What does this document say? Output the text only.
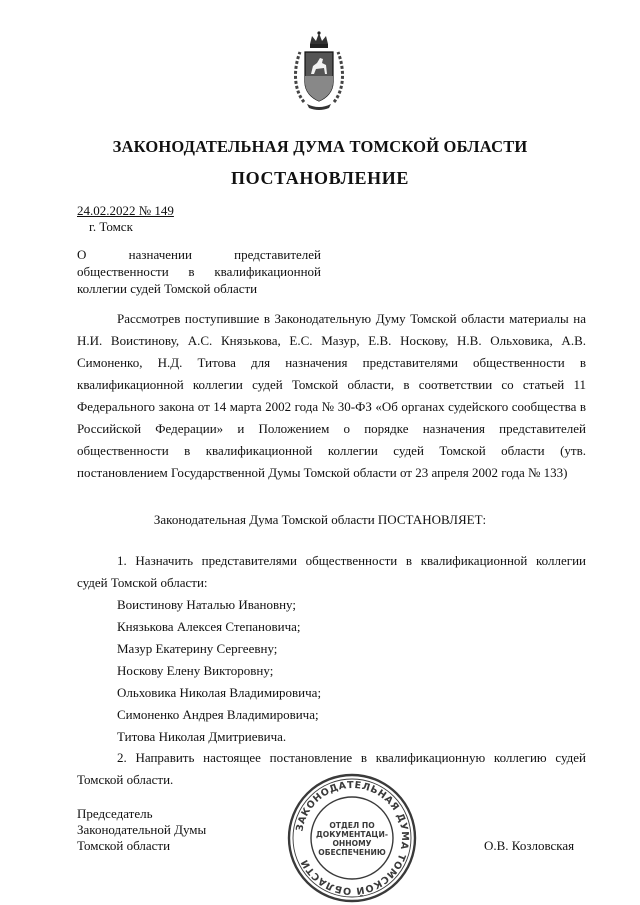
ЗАКОНОДАТЕЛЬНАЯ ДУМА ТОМСКОЙ ОБЛАСТИ
ПОСТАНОВЛЕНИЕ
24.02.2022 № 149
г. Томск
О назначении представителей общественности в квалификационной коллегии судей Томской области

Рассмотрев поступившие в Законодательную Думу Томской области материалы на Н.И. Воистинову, А.С. Князькова, Е.С. Мазур, Е.В. Носкову, Н.В. Ольховика, А.В. Симоненко, Н.Д. Титова для назначения представителями общественности в квалификационной коллегии судей Томской области, в соответствии со статьей 11 Федерального закона от 14 марта 2002 года № 30-ФЗ «Об органах судейского сообщества в Российской Федерации» и Положением о порядке назначения представителей общественности в квалификационной коллегии судей Томской области (утв. постановлением Государственной Думы Томской области от 23 апреля 2002 года № 133)

Законодательная Дума Томской области ПОСТАНОВЛЯЕТ:

1. Назначить представителями общественности в квалификационной коллегии судей Томской области:

Воистинову Наталью Ивановну;
Князькова Алексея Степановича;
Мазур Екатерину Сергеевну;
Носкову Елену Викторовну;
Ольховика Николая Владимировича;
Симоненко Андрея Владимировича;
Титова Николая Дмитриевича.

2. Направить настоящее постановление в квалификационную коллегию судей Томской области.

Председатель
Законодательной Думы
Томской области	О.В. Козловская
ЗАКОНОДАТЕЛЬНАЯ ДУМА ТОМСКОЙ ОБЛАСТИ
ОТДЕЛ ПО
ДОКУМЕНТАЦИ-
ОННОМУ
ОБЕСПЕЧЕНИЮ
